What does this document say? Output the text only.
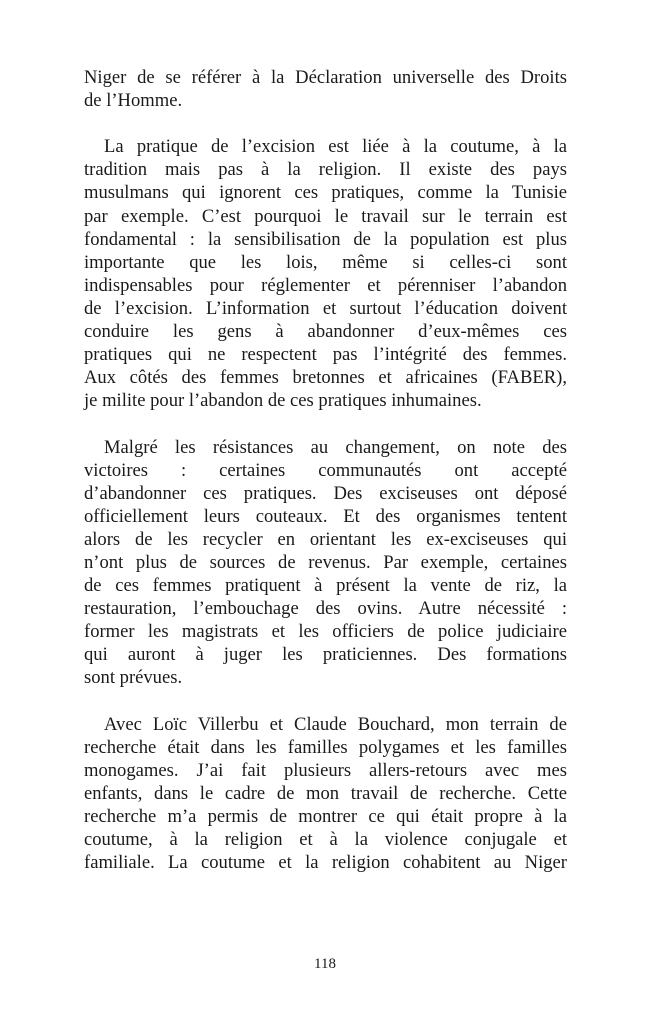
Niger de se référer à la Déclaration universelle des Droits
de l’Homme.
La pratique de l’excision est liée à la coutume, à la
tradition mais pas à la religion. Il existe des pays
musulmans qui ignorent ces pratiques, comme la Tunisie
par exemple. C’est pourquoi le travail sur le terrain est
fondamental : la sensibilisation de la population est plus
importante que les lois, même si celles-ci sont
indispensables pour réglementer et pérenniser l’abandon
de l’excision. L’information et surtout l’éducation doivent
conduire les gens à abandonner d’eux-mêmes ces
pratiques qui ne respectent pas l’intégrité des femmes.
Aux côtés des femmes bretonnes et africaines (FABER),
je milite pour l’abandon de ces pratiques inhumaines.
Malgré les résistances au changement, on note des
victoires : certaines communautés ont accepté
d’abandonner ces pratiques. Des exciseuses ont déposé
officiellement leurs couteaux. Et des organismes tentent
alors de les recycler en orientant les ex-exciseuses qui
n’ont plus de sources de revenus. Par exemple, certaines
de ces femmes pratiquent à présent la vente de riz, la
restauration, l’embouchage des ovins. Autre nécessité :
former les magistrats et les officiers de police judiciaire
qui auront à juger les praticiennes. Des formations
sont prévues.
Avec Loïc Villerbu et Claude Bouchard, mon terrain de
recherche était dans les familles polygames et les familles
monogames. J’ai fait plusieurs allers-retours avec mes
enfants, dans le cadre de mon travail de recherche. Cette
recherche m’a permis de montrer ce qui était propre à la
coutume, à la religion et à la violence conjugale et
familiale. La coutume et la religion cohabitent au Niger
118
